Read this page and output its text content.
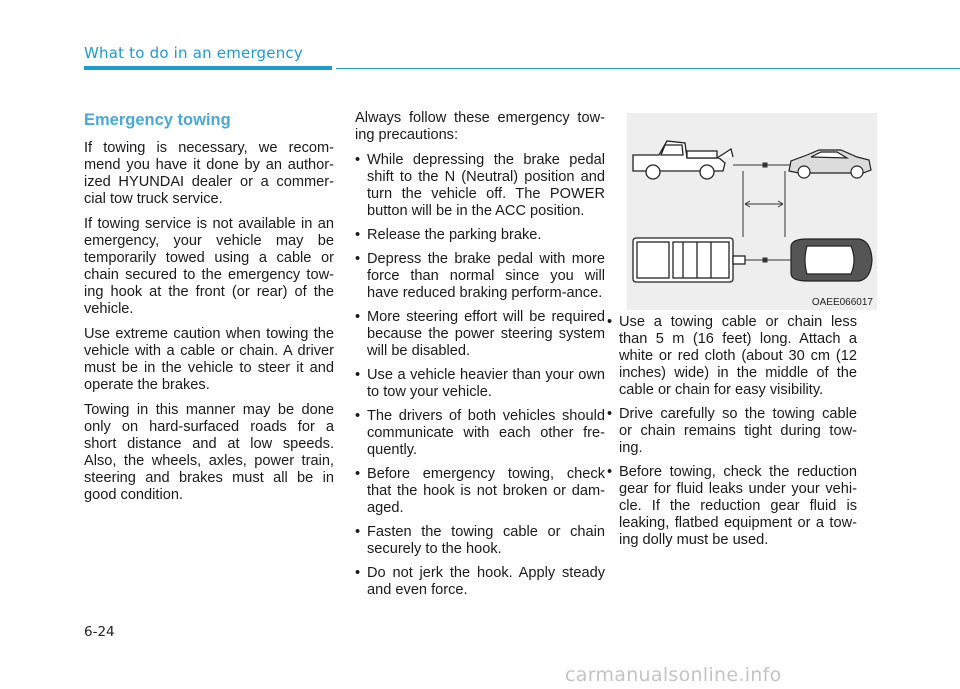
What to do in an emergency
Emergency towing

If towing is necessary, we recom-mend you have it done by an author-ized HYUNDAI dealer or a commer-cial tow truck service.

If towing service is not available in an emergency, your vehicle may be temporarily towed using a cable or chain secured to the emergency tow-ing hook at the front (or rear) of the vehicle.

Use extreme caution when towing the vehicle with a cable or chain. A driver must be in the vehicle to steer it and operate the brakes.

Towing in this manner may be done only on hard-surfaced roads for a short distance and at low speeds. Also, the wheels, axles, power train, steering and brakes must all be in good condition.

Always follow these emergency tow-ing precautions:

• While depressing the brake pedal shift to the N (Neutral) position and turn the vehicle off. The POWER button will be in the ACC position.
• Release the parking brake.
• Depress the brake pedal with more force than normal since you will have reduced braking perform-ance.
• More steering effort will be required because the power steering system will be disabled.
• Use a vehicle heavier than your own to tow your vehicle.
• The drivers of both vehicles should communicate with each other fre-quently.
• Before emergency towing, check that the hook is not broken or dam-aged.
• Fasten the towing cable or chain securely to the hook.
• Do not jerk the hook. Apply steady and even force.
OAEE066017
• Use a towing cable or chain less than 5 m (16 feet) long. Attach a white or red cloth (about 30 cm (12 inches) wide) in the middle of the cable or chain for easy visibility.
• Drive carefully so the towing cable or chain remains tight during tow-ing.
• Before towing, check the reduction gear for fluid leaks under your vehi-cle. If the reduction gear fluid is leaking, flatbed equipment or a tow-ing dolly must be used.
6-24
carmanualsonline.info
